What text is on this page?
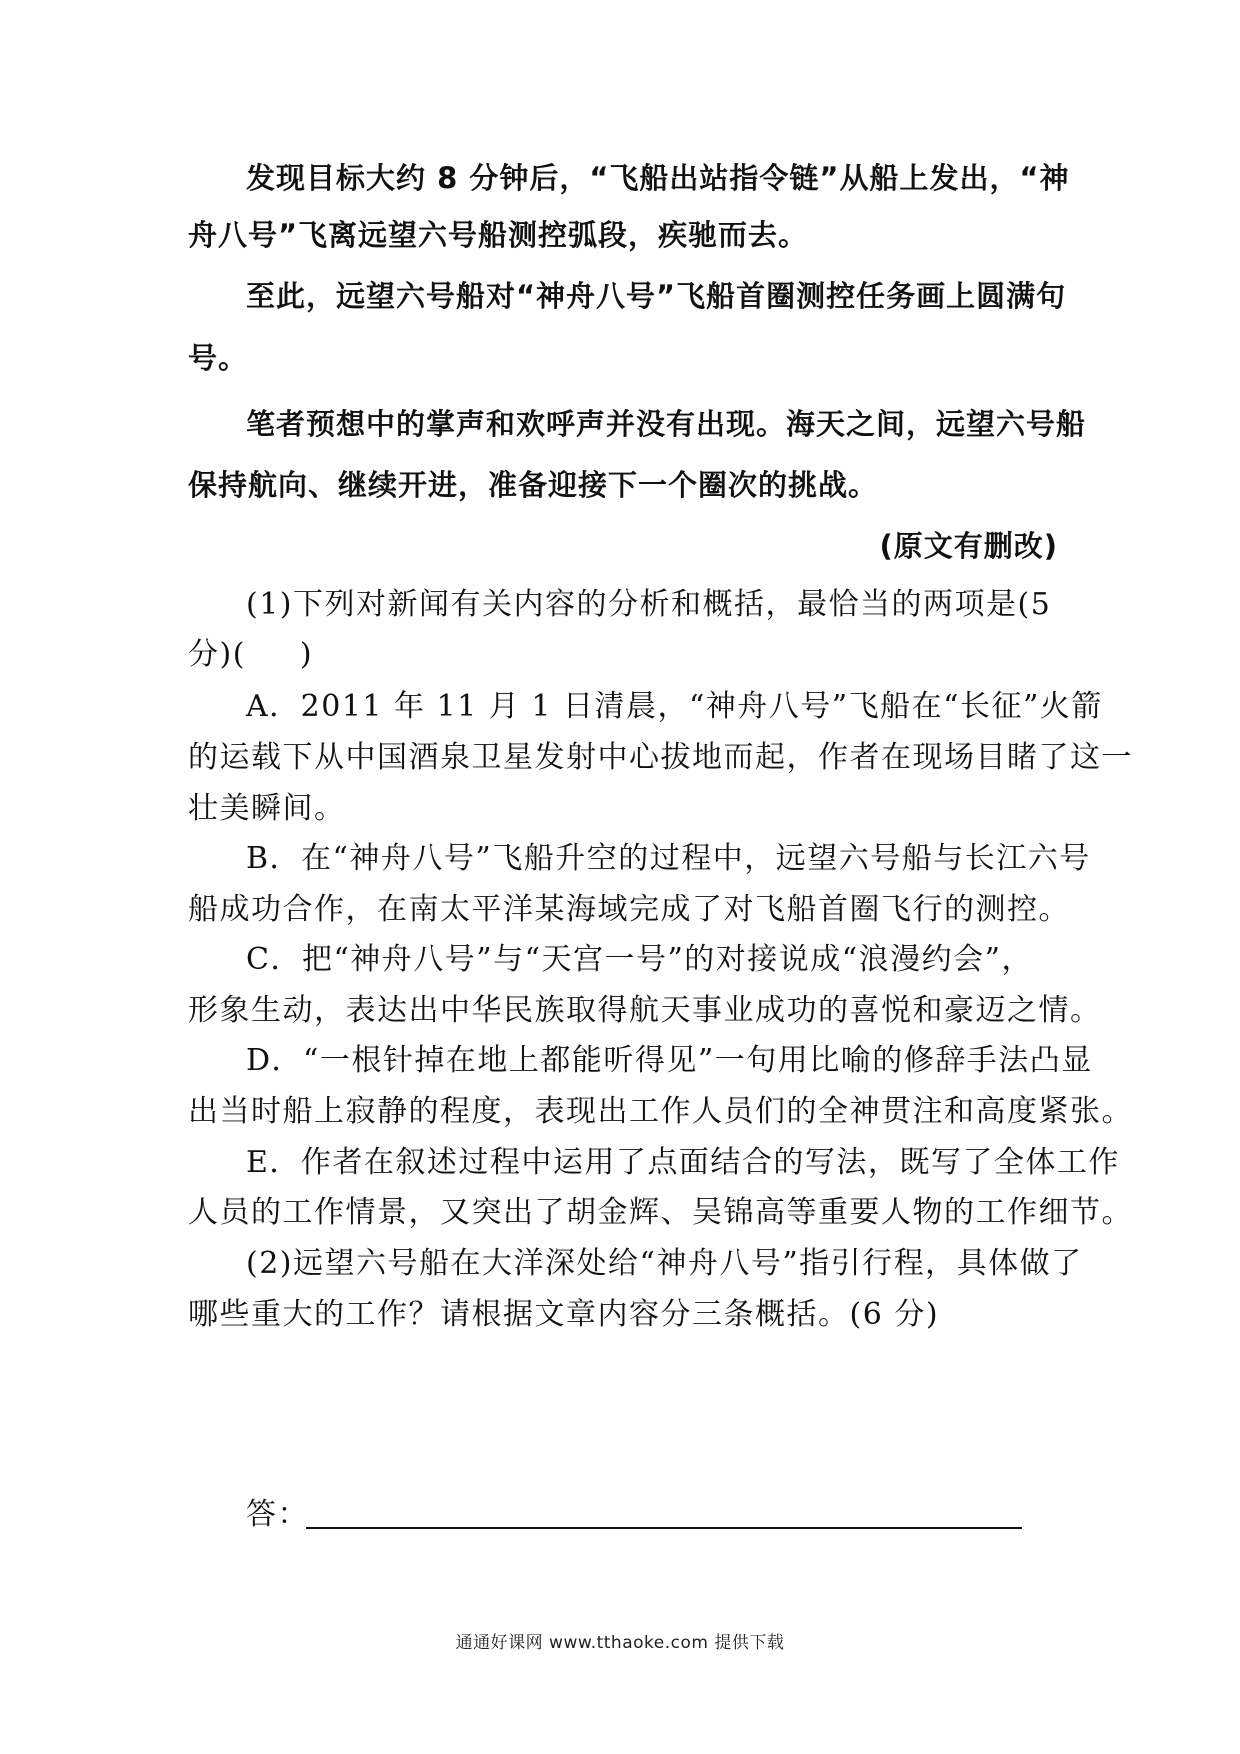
发现目标大约 8 分钟后，“飞船出站指令链”从船上发出，“神
舟八号”飞离远望六号船测控弧段，疾驰而去。
至此，远望六号船对“神舟八号”飞船首圈测控任务画上圆满句
号。
笔者预想中的掌声和欢呼声并没有出现。海天之间，远望六号船
保持航向、继续开进，准备迎接下一个圈次的挑战。
(原文有删改)
(1)下列对新闻有关内容的分析和概括，最恰当的两项是(5
分)( )
A．2011 年 11 月 1 日清晨，“神舟八号”飞船在“长征”火箭
的运载下从中国酒泉卫星发射中心拔地而起，作者在现场目睹了这一
壮美瞬间。
B．在“神舟八号”飞船升空的过程中，远望六号船与长江六号
船成功合作，在南太平洋某海域完成了对飞船首圈飞行的测控。
C．把“神舟八号”与“天宫一号”的对接说成“浪漫约会”，
形象生动，表达出中华民族取得航天事业成功的喜悦和豪迈之情。
D．“一根针掉在地上都能听得见”一句用比喻的修辞手法凸显
出当时船上寂静的程度，表现出工作人员们的全神贯注和高度紧张。
E．作者在叙述过程中运用了点面结合的写法，既写了全体工作
人员的工作情景，又突出了胡金辉、吴锦高等重要人物的工作细节。
(2)远望六号船在大洋深处给“神舟八号”指引行程，具体做了
哪些重大的工作？请根据文章内容分三条概括。(6 分)
答：
通通好课网 www.tthaoke.com 提供下载
